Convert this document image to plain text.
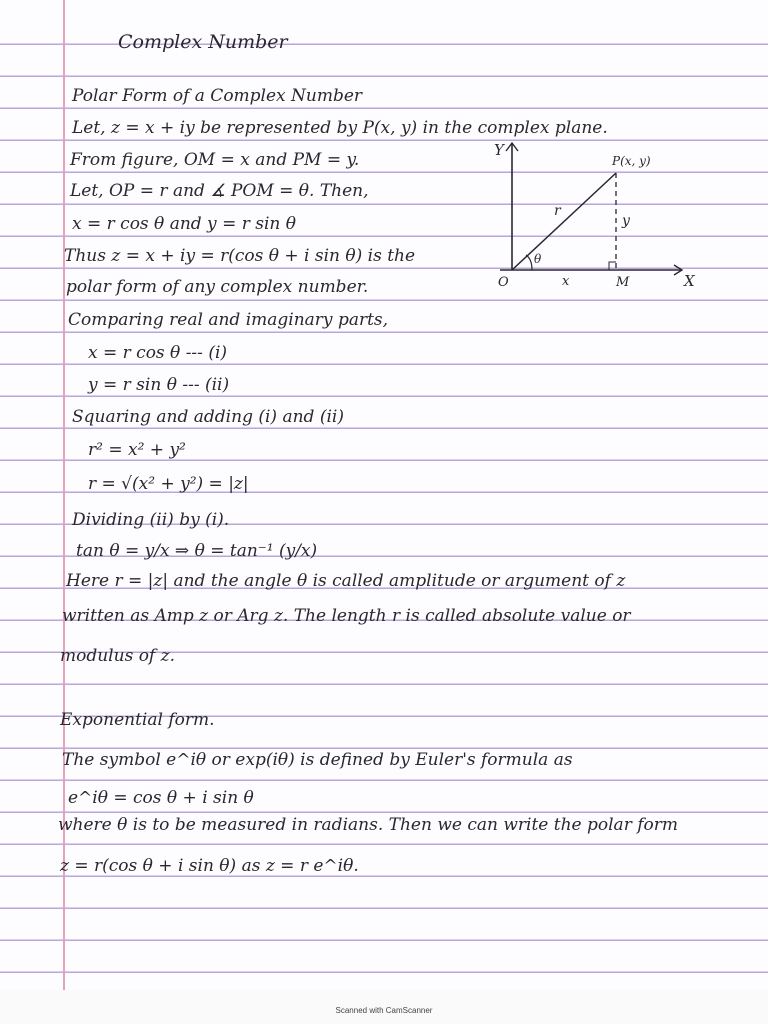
Complex Number
Polar Form of a Complex Number
Let, z = x + iy be represented by P(x, y) in the complex plane.
From figure, OM = x and PM = y.
Let, OP = r and ∡ POM = θ. Then,
x = r cos θ and y = r sin θ
Thus z = x + iy = r(cos θ + i sin θ) is the
polar form of any complex number.
Comparing real and imaginary parts,
x = r cos θ --- (i)
y = r sin θ --- (ii)
Squaring and adding (i) and (ii)
r² = x² + y²
r = √(x² + y²) = |z|
Dividing (ii) by (i).
tan θ = y/x ⇒ θ = tan⁻¹ (y/x)
Here r = |z| and the angle θ is called amplitude or argument of z
written as Amp z or Arg z. The length r is called absolute value or
modulus of z.
Exponential form.
The symbol e^iθ or exp(iθ) is defined by Euler's formula as
e^iθ = cos θ + i sin θ
where θ is to be measured in radians. Then we can write the polar form
z = r(cos θ + i sin θ) as z = r e^iθ.
Y
X
O
P(x, y)
M
r
y
x
θ
Scanned with CamScanner
